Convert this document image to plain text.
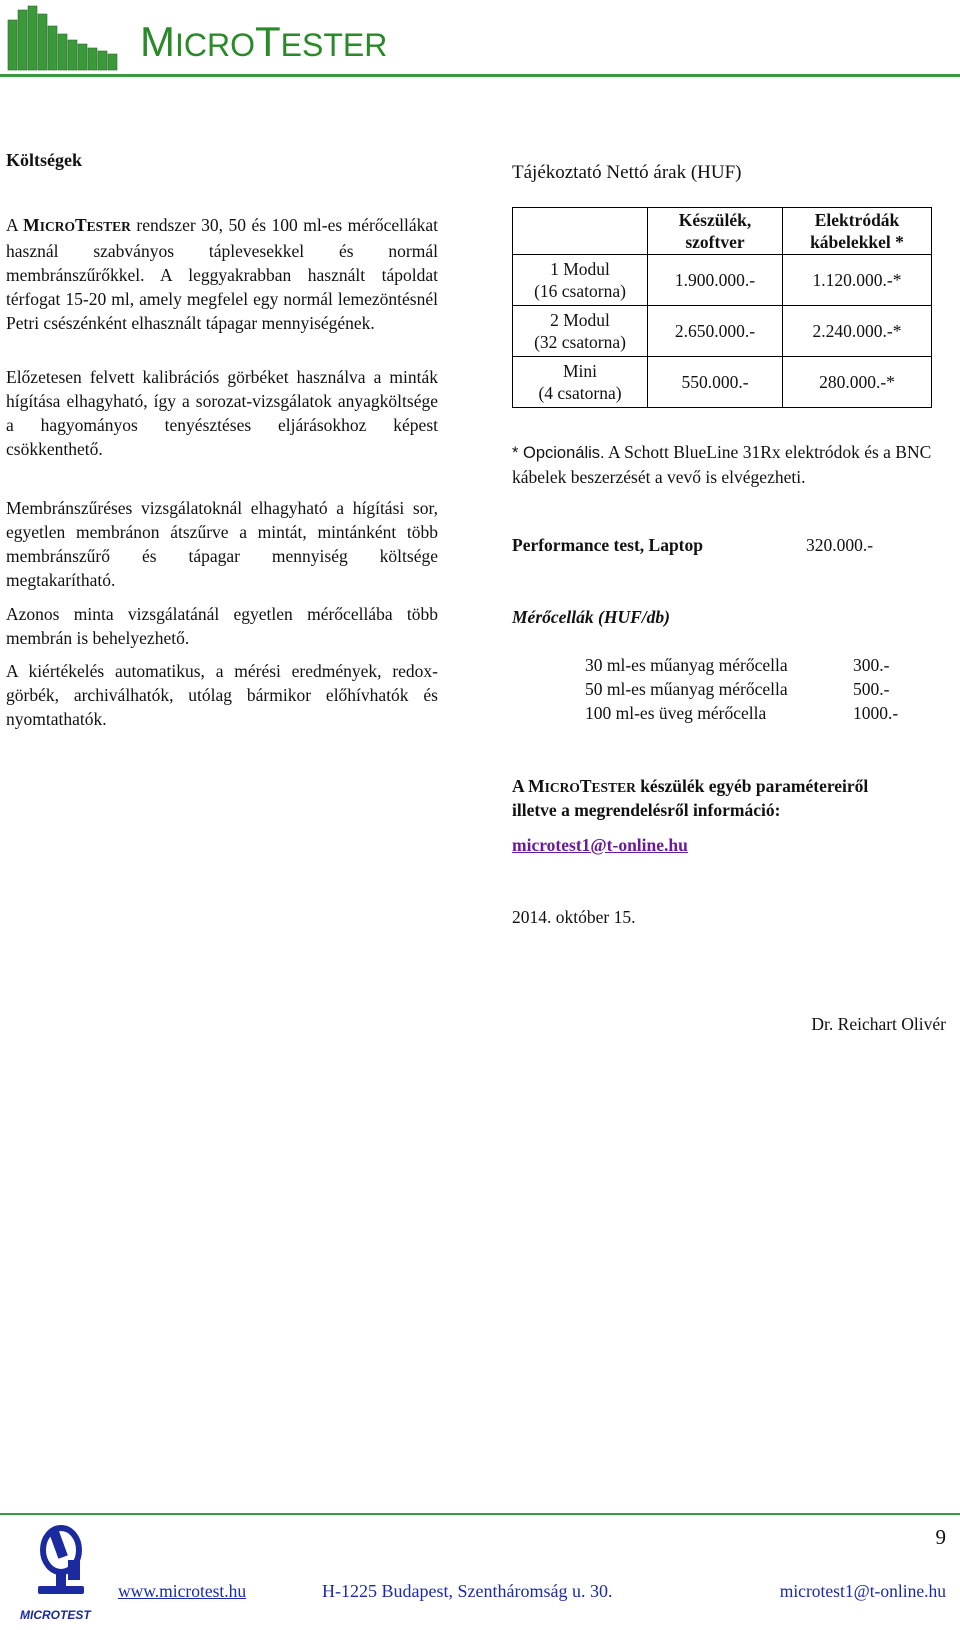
MICROTESTER
Költségek

A MICROTESTER rendszer 30, 50 és 100 ml-es mérőcellákat használ szabványos táplevesekkel és normál membránszűrőkkel. A leggyakrabban használt tápoldat térfogat 15-20 ml, amely megfelel egy normál lemezöntésnél Petri csészénként elhasznált tápagar mennyiségének.

Előzetesen felvett kalibrációs görbéket használva a minták hígítása elhagyható, így a sorozat-vizsgálatok anyagköltsége a hagyományos tenyésztéses eljárásokhoz képest csökkenthető.

Membránszűréses vizsgálatoknál elhagyható a hígítási sor, egyetlen membránon átszűrve a mintát, mintánként több membránszűrő és tápagar mennyiség költsége megtakarítható.

Azonos minta vizsgálatánál egyetlen mérőcellába több membrán is behelyezhető.

A kiértékelés automatikus, a mérési eredmények, redox-görbék, archiválhatók, utólag bármikor előhívhatók és nyomtathatók.

Tájékoztató Nettó árak (HUF)
	Készülék, szoftver	Elektródák kábelekkel *

1 Modul
(16 csatorna)	1.900.000.-	1.120.000.-*

2 Modul
(32 csatorna)	2.650.000.-	2.240.000.-*

Mini
(4 csatorna)	550.000.-	280.000.-*
* Opcionális. A Schott BlueLine 31Rx elektródok és a BNC kábelek beszerzését a vevő is elvégezheti.
Performance test, Laptop	320.000.-
Mérőcellák (HUF/db)
30 ml-es műanyag mérőcella	300.-
50 ml-es műanyag mérőcella	500.-
100 ml-es üveg mérőcella	1000.-
A MICROTESTER készülék egyéb paramétereiről
illetve a megrendelésről információ:
microtest1@t-online.hu
2014. október 15.
Dr. Reichart Olivér
9
MICROTEST
www.microtest.hu	H-1225 Budapest, Szentháromság u. 30.	microtest1@t-online.hu
